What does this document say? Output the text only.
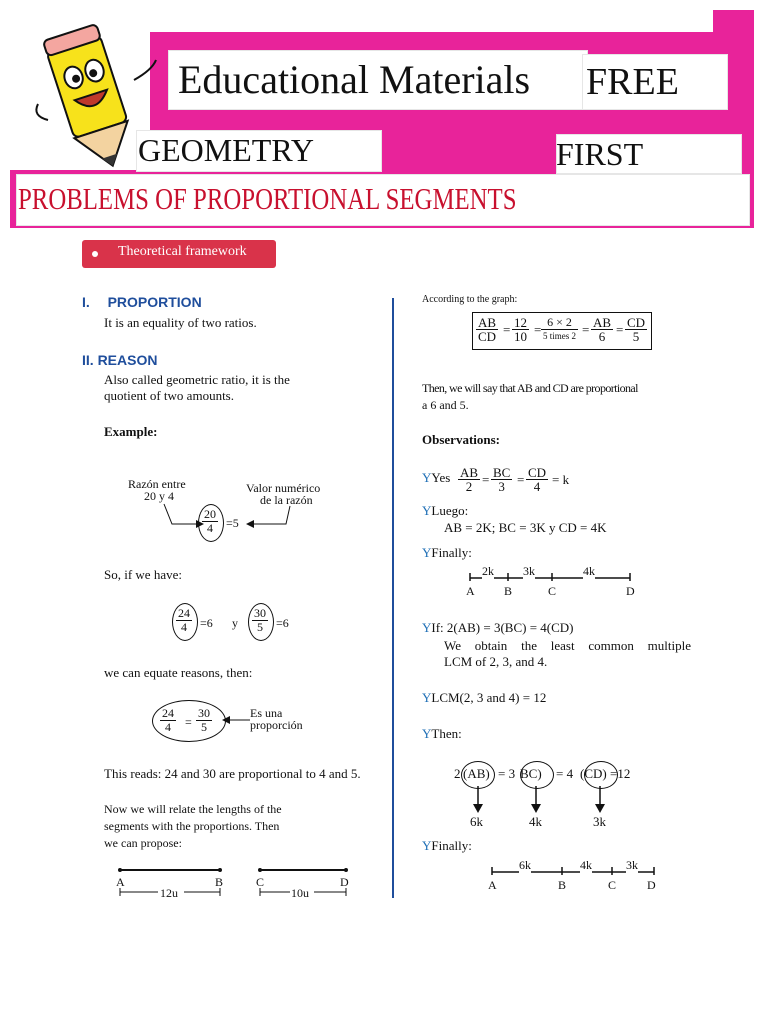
Educational Materials FREE
GEOMETRY	FIRST
PROBLEMS OF PROPORTIONAL SEGMENTS
Theoretical framework
I. PROPORTION
It is an equality of two ratios.
II. REASON
Also called geometric ratio, it is the
quotient of two amounts.
Example:
Razón entre
20 y 4
Valor numérico
de la razón
$\frac{20}{4} =5$
So, if we have:
$\frac{24}{4} =6$ y $\frac{30}{5} =6$
we can equate reasons, then:
$\frac{24}{4} = \frac{30}{5}$	Es una
proporción
This reads: 24 and 30 are proportional to 4 and 5.
Now we will relate the lengths of the
segments with the proportions. Then
we can propose:
A	B
12u
C	D
10u
According to the graph:
$\frac{AB}{CD} = \frac{12}{10} = 6 \times 2$
5 times $2 = \frac{AB}{6} = \frac{CD}{5}$
Then, we will say that AB and CD are proportional
a 6 and 5.
Observations:
YYes $\frac{AB}{2} = \frac{BC}{3} = \frac{CD}{4} = k$
YLuego:
AB = 2K; BC = 3K y CD = 4K
YFinally:
2k 3k	4k
A B	C	D
YIf: 2(AB) = 3(BC) = 4(CD)
We obtain the least common multiple
LCM of 2, 3, and 4.
YLCM(2, 3 and 4) = 12
YThen:
2 (AB) = 3 BC) = 4 (CD) =12
6k	4k	3k
YFinally:
6k	4k	3k
A	B	C	D
